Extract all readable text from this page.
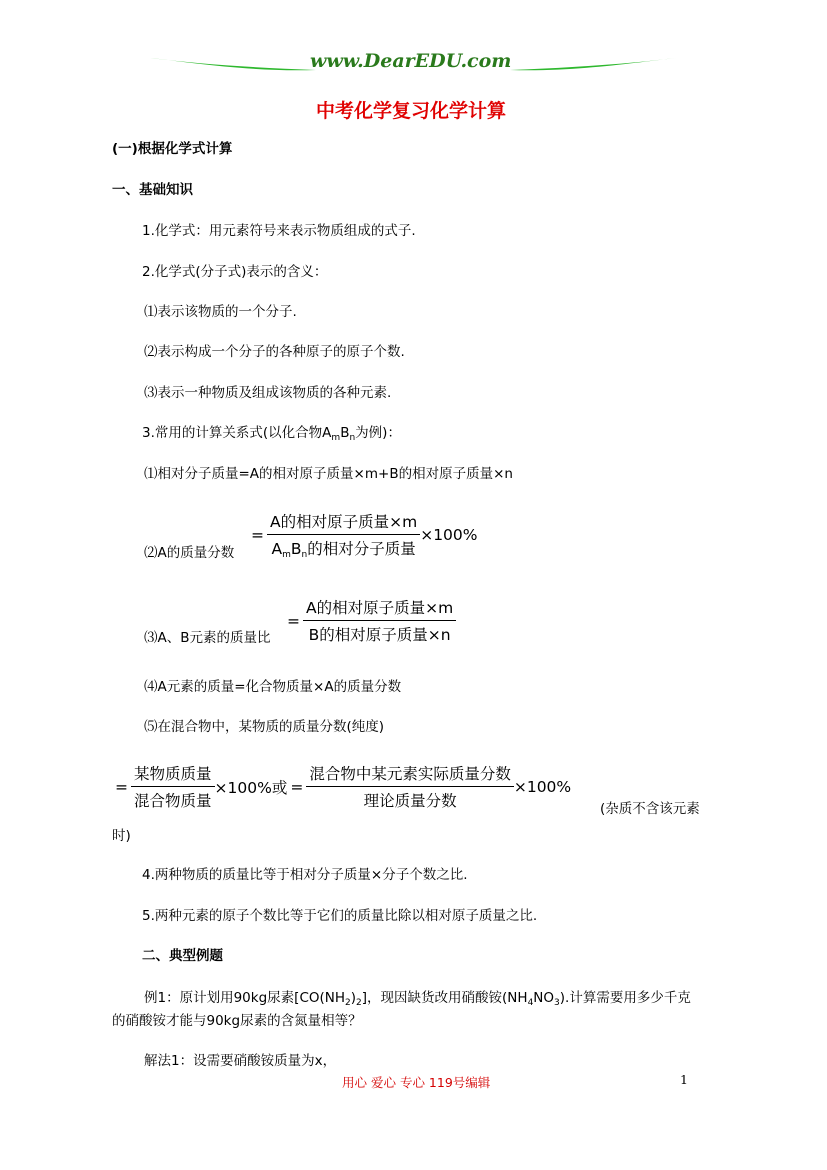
www.DearEDU.com
中考化学复习化学计算
(一)根据化学式计算
一、基础知识
1.化学式：用元素符号来表示物质组成的式子.
2.化学式(分子式)表示的含义：
⑴表示该物质的一个分子.
⑵表示构成一个分子的各种原子的原子个数.
⑶表示一种物质及组成该物质的各种元素.
3.常用的计算关系式(以化合物$A_mB_n$为例)：
⑴相对分子质量=A的相对原子质量×m+B的相对原子质量×n
⑵A的质量分数
= $\frac{\text{A的相对原子质量×m}}{A_mB_n的相对分子质量} \times 100\%$
⑶A、B元素的质量比
= $\frac{\text{A的相对原子质量×m}}{\text{B的相对原子质量×n}}$
⑷A元素的质量=化合物质量×A的质量分数
⑸在混合物中，某物质的质量分数(纯度)
= $\frac{\text{某物质质量}}{\text{混合物质量}} \times 100\%$或 = $\frac{\text{混合物中某元素实际质量分数}}{\text{理论质量分数}} \times 100\%$
(杂质不含该元素
时)
4.两种物质的质量比等于相对分子质量×分子个数之比.
5.两种元素的原子个数比等于它们的质量比除以相对原子质量之比.
二、典型例题
例1：原计划用90kg尿素$[CO(NH_2)_2]$，现因缺货改用硝酸铵$(NH_4NO_3)$.计算需要用多少千克
的硝酸铵才能与90kg尿素的含氮量相等？
解法1：设需要硝酸铵质量为x，
用心 爱心 专心 119号编辑	1
